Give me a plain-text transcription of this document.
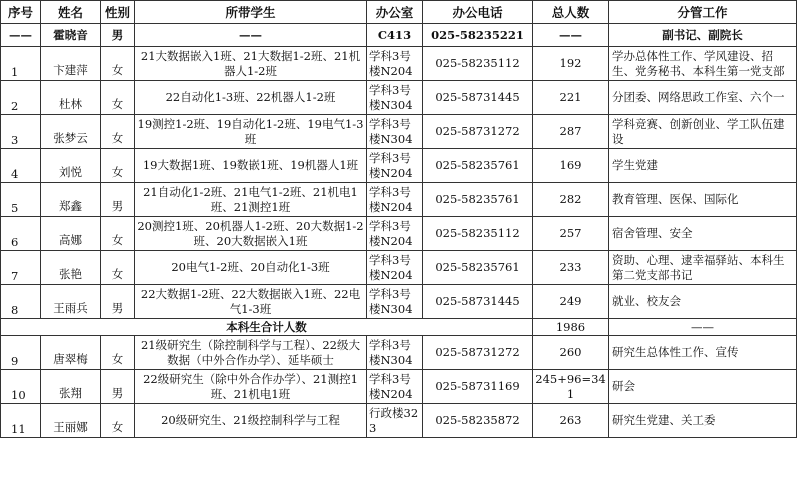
序号	姓名	性别	所带学生	办公室	办公电话	总人数	分管工作
——	霍晓音	男	——	C413	025-58235221	——	副书记、副院长
1	卞建萍	女	21大数据嵌入1班、21大数据1-2班、21机器人1-2班	学科3号楼N204	025-58235112	192	学办总体性工作、学风建设、招生、党务秘书、本科生第一党支部
2	杜林	女	22自动化1-3班、22机器人1-2班	学科3号楼N304	025-58731445	221	分团委、网络思政工作室、六个一
3	张梦云	女	19测控1-2班、19自动化1-2班、19电气1-3班	学科3号楼N304	025-58731272	287	学科竞赛、创新创业、学工队伍建设
4	刘悦	女	19大数据1班、19数嵌1班、19机器人1班	学科3号楼N204	025-58235761	169	学生党建
5	郑鑫	男	21自动化1-2班、21电气1-2班、21机电1班、21测控1班	学科3号楼N204	025-58235761	282	教育管理、医保、国际化
6	高娜	女	20测控1班、20机器人1-2班、20大数据1-2班、20大数据嵌入1班	学科3号楼N204	025-58235112	257	宿舍管理、安全
7	张艳	女	20电气1-2班、20自动化1-3班	学科3号楼N204	025-58235761	233	资助、心理、逮幸福驿站、本科生第二党支部书记
8	王雨兵	男	22大数据1-2班、22大数据嵌入1班、22电气1-3班	学科3号楼N304	025-58731445	249	就业、校友会
本科生合计人数						1986	——
9	唐翠梅	女	21级研究生（除控制科学与工程）、22级大数据（中外合作办学）、延毕硕士	学科3号楼N304	025-58731272	260	研究生总体性工作、宣传
10	张翔	男	22级研究生（除中外合作办学）、21测控1班、21机电1班	学科3号楼N204	025-58731169	245+96=341	研会
11	王丽娜	女	20级研究生、21级控制科学与工程	行政楼323	025-58235872	263	研究生党建、关工委
